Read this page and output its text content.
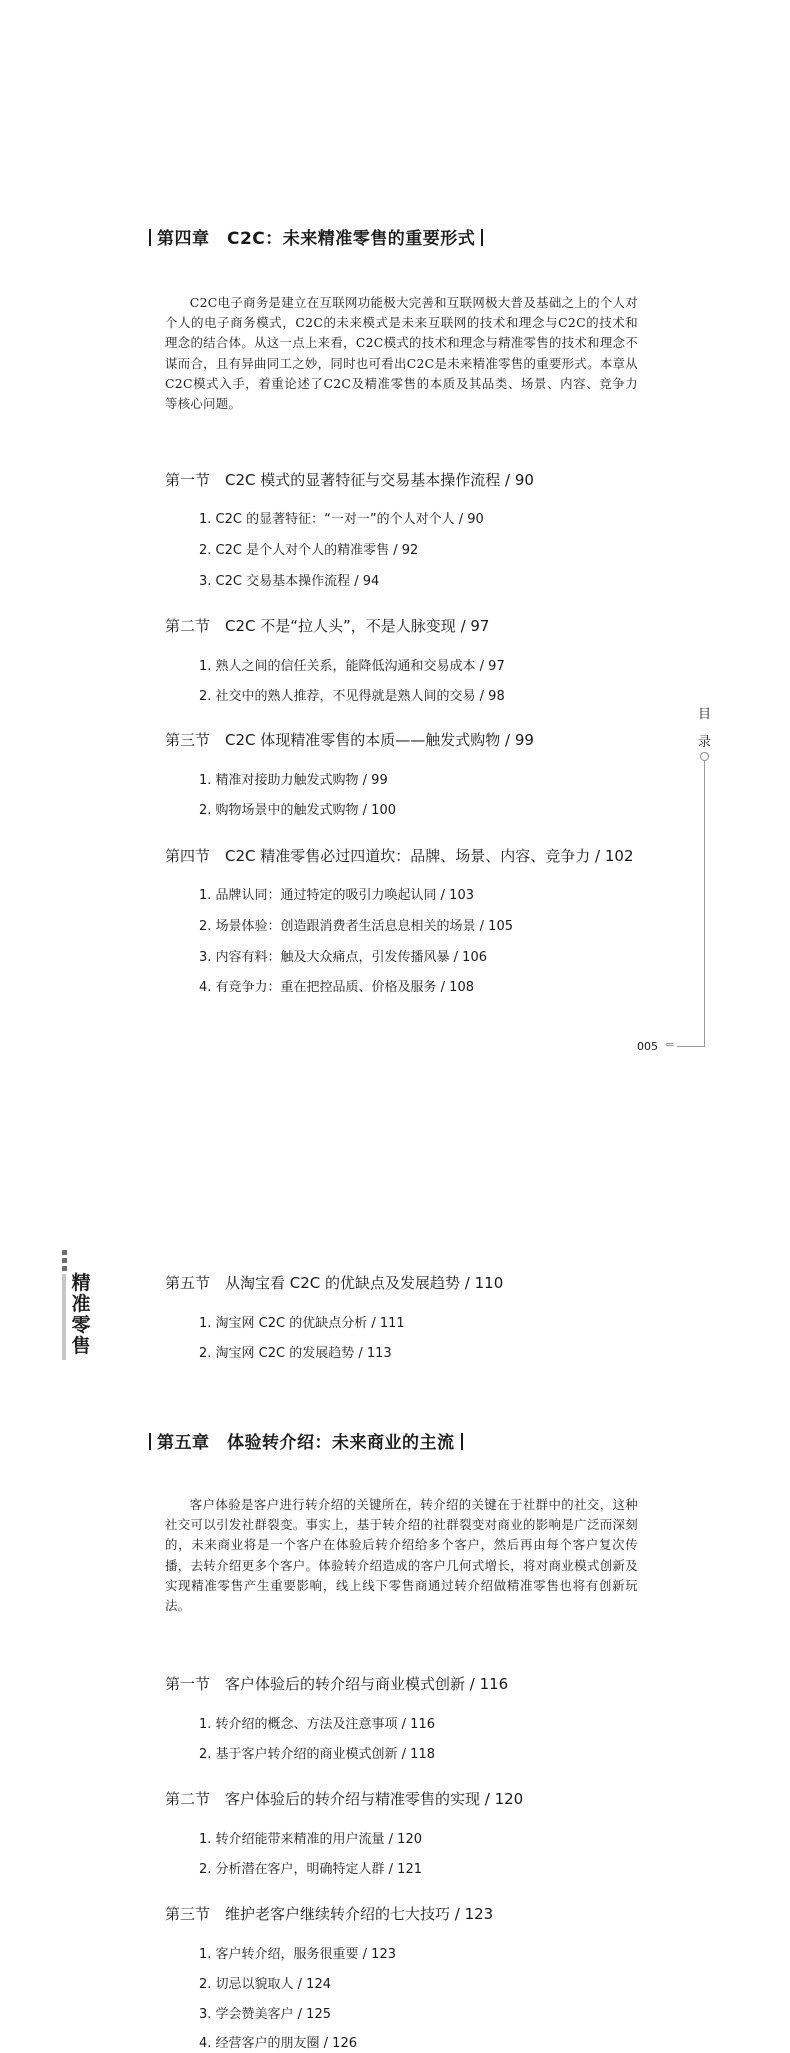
第四章　C2C：未来精准零售的重要形式

C2C电子商务是建立在互联网功能极大完善和互联网极大普及基础之上的个人对个人的电子商务模式，C2C的未来模式是未来互联网的技术和理念与C2C的技术和理念的结合体。从这一点上来看，C2C模式的技术和理念与精准零售的技术和理念不谋而合，且有异曲同工之妙，同时也可看出C2C是未来精准零售的重要形式。本章从C2C模式入手，着重论述了C2C及精准零售的本质及其品类、场景、内容、竞争力等核心问题。

第一节　C2C 模式的显著特征与交易基本操作流程 / 90
1. C2C 的显著特征：“一对一”的个人对个人 / 90
2. C2C 是个人对个人的精准零售 / 92
3. C2C 交易基本操作流程 / 94
第二节　C2C 不是“拉人头”，不是人脉变现 / 97
1. 熟人之间的信任关系，能降低沟通和交易成本 / 97
2. 社交中的熟人推荐，不见得就是熟人间的交易 / 98
第三节　C2C 体现精准零售的本质——触发式购物 / 99
1. 精准对接助力触发式购物 / 99
2. 购物场景中的触发式购物 / 100
第四节　C2C 精准零售必过四道坎：品牌、场景、内容、竞争力 / 102
1. 品牌认同：通过特定的吸引力唤起认同 / 103
2. 场景体验：创造跟消费者生活息息相关的场景 / 105
3. 内容有料：触及大众痛点，引发传播风暴 / 106
4. 有竞争力：重在把控品质、价格及服务 / 108
目
录
⇐
005
精
准
零
售
第五节　从淘宝看 C2C 的优缺点及发展趋势 / 110
1. 淘宝网 C2C 的优缺点分析 / 111
2. 淘宝网 C2C 的发展趋势 / 113
第五章　体验转介绍：未来商业的主流

客户体验是客户进行转介绍的关键所在，转介绍的关键在于社群中的社交，这种社交可以引发社群裂变。事实上，基于转介绍的社群裂变对商业的影响是广泛而深刻的，未来商业将是一个客户在体验后转介绍给多个客户，然后再由每个客户复次传播，去转介绍更多个客户。体验转介绍造成的客户几何式增长，将对商业模式创新及实现精准零售产生重要影响，线上线下零售商通过转介绍做精准零售也将有创新玩法。

第一节　客户体验后的转介绍与商业模式创新 / 116
1. 转介绍的概念、方法及注意事项 / 116
2. 基于客户转介绍的商业模式创新 / 118
第二节　客户体验后的转介绍与精准零售的实现 / 120
1. 转介绍能带来精准的用户流量 / 120
2. 分析潜在客户，明确特定人群 / 121
第三节　维护老客户继续转介绍的七大技巧 / 123
1. 客户转介绍，服务很重要 / 123
2. 切忌以貌取人 / 124
3. 学会赞美客户 / 125
4. 经营客户的朋友圈 / 126
